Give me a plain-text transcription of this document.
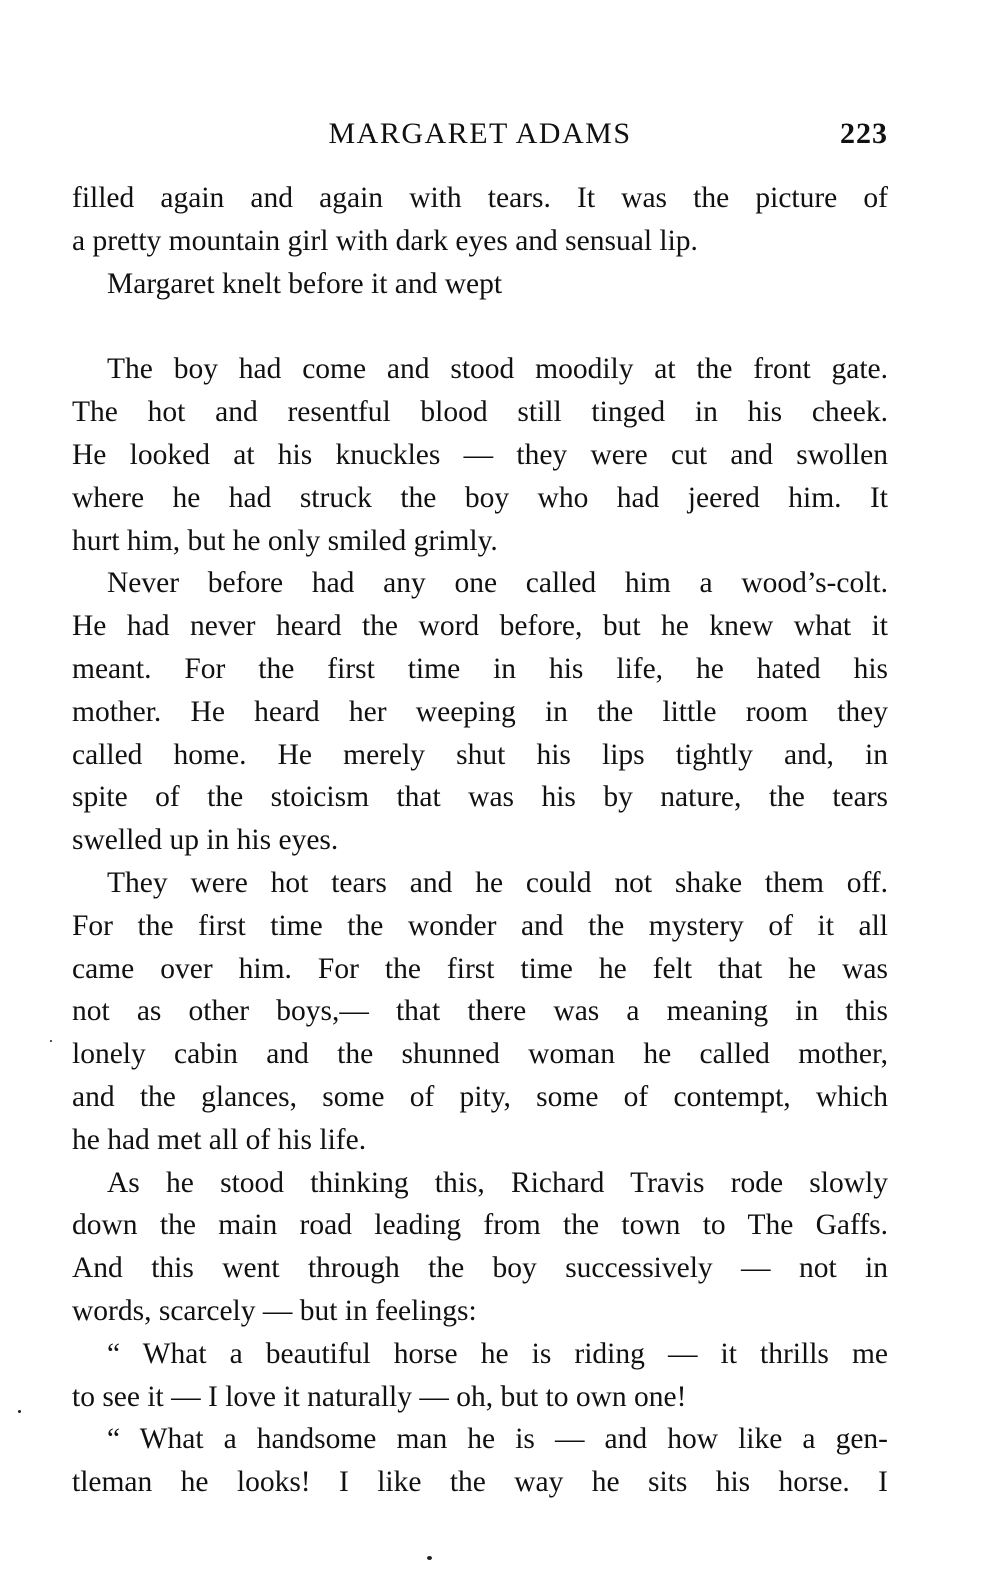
MARGARET ADAMS	223
filled again and again with tears. It was the picture of
a pretty mountain girl with dark eyes and sensual lip.
Margaret knelt before it and wept
The boy had come and stood moodily at the front gate.
The hot and resentful blood still tinged in his cheek.
He looked at his knuckles — they were cut and swollen
where he had struck the boy who had jeered him. It
hurt him, but he only smiled grimly.
Never before had any one called him a wood’s-colt.
He had never heard the word before, but he knew what it
meant. For the first time in his life, he hated his
mother. He heard her weeping in the little room they
called home. He merely shut his lips tightly and, in
spite of the stoicism that was his by nature, the tears
swelled up in his eyes.
They were hot tears and he could not shake them off.
For the first time the wonder and the mystery of it all
came over him. For the first time he felt that he was
not as other boys,— that there was a meaning in this
lonely cabin and the shunned woman he called mother,
and the glances, some of pity, some of contempt, which
he had met all of his life.
As he stood thinking this, Richard Travis rode slowly
down the main road leading from the town to The Gaffs.
And this went through the boy successively — not in
words, scarcely — but in feelings:
“ What a beautiful horse he is riding — it thrills me
to see it — I love it naturally — oh, but to own one!
“ What a handsome man he is — and how like a gen-
tleman he looks! I like the way he sits his horse. I
